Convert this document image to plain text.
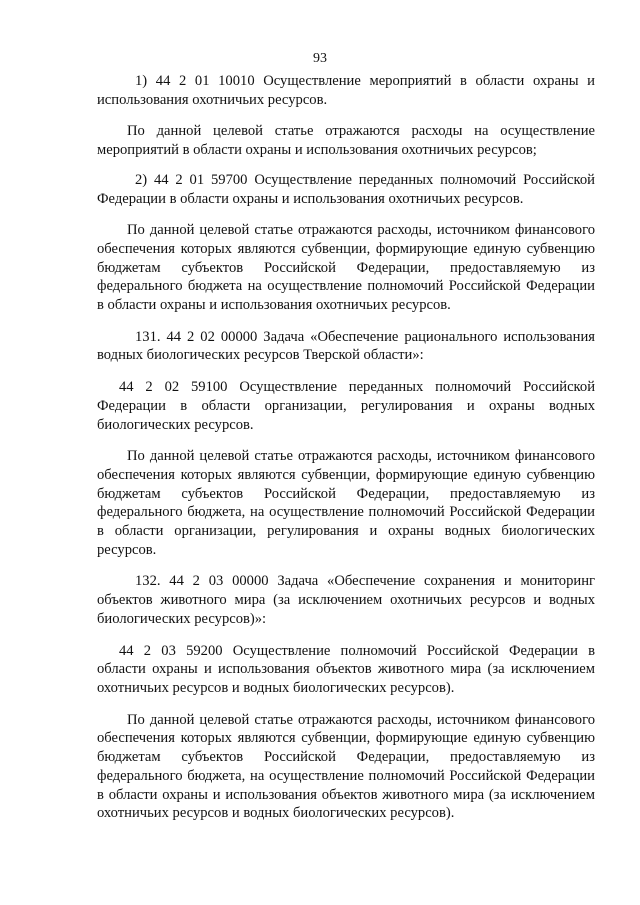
93

1) 44 2 01 10010 Осуществление мероприятий в области охраны и использования охотничьих ресурсов.

По данной целевой статье отражаются расходы на осуществление мероприятий в области охраны и использования охотничьих ресурсов;

2) 44 2 01 59700 Осуществление переданных полномочий Российской Федерации в области охраны и использования охотничьих ресурсов.

По данной целевой статье отражаются расходы, источником финансового обеспечения которых являются субвенции, формирующие единую субвенцию бюджетам субъектов Российской Федерации, предоставляемую из федерального бюджета на осуществление полномочий Российской Федерации в области охраны и использования охотничьих ресурсов.

131. 44 2 02 00000 Задача «Обеспечение рационального использования водных биологических ресурсов Тверской области»:

44 2 02 59100 Осуществление переданных полномочий Российской Федерации в области организации, регулирования и охраны водных биологических ресурсов.

По данной целевой статье отражаются расходы, источником финансового обеспечения которых являются субвенции, формирующие единую субвенцию бюджетам субъектов Российской Федерации, предоставляемую из федерального бюджета, на осуществление полномочий Российской Федерации в области организации, регулирования и охраны водных биологических ресурсов.

132. 44 2 03 00000 Задача «Обеспечение сохранения и мониторинг объектов животного мира (за исключением охотничьих ресурсов и водных биологических ресурсов)»:

44 2 03 59200 Осуществление полномочий Российской Федерации в области охраны и использования объектов животного мира (за исключением охотничьих ресурсов и водных биологических ресурсов).

По данной целевой статье отражаются расходы, источником финансового обеспечения которых являются субвенции, формирующие единую субвенцию бюджетам субъектов Российской Федерации, предоставляемую из федерального бюджета, на осуществление полномочий Российской Федерации в области охраны и использования объектов животного мира (за исключением охотничьих ресурсов и водных биологических ресурсов).
